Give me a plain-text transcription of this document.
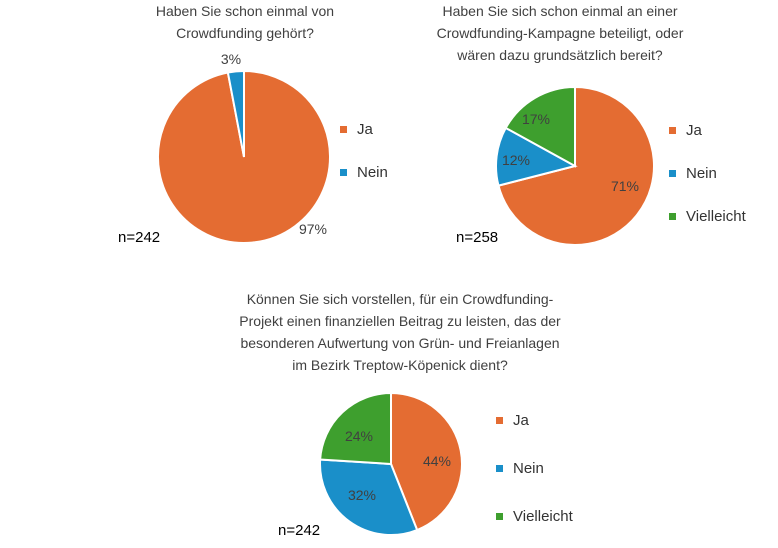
Haben Sie schon einmal von
Crowdfunding gehört?
97%
3%
n=242
Ja
Nein
Haben Sie sich schon einmal an einer
Crowdfunding-Kampagne beteiligt, oder
wären dazu grundsätzlich bereit?
71%
12%
17%
n=258
Ja
Nein
Vielleicht
Können Sie sich vorstellen, für ein Crowdfunding-
Projekt einen finanziellen Beitrag zu leisten, das der
besonderen Aufwertung von Grün- und Freianlagen
im Bezirk Treptow-Köpenick dient?
44%
32%
24%
n=242
Ja
Nein
Vielleicht
